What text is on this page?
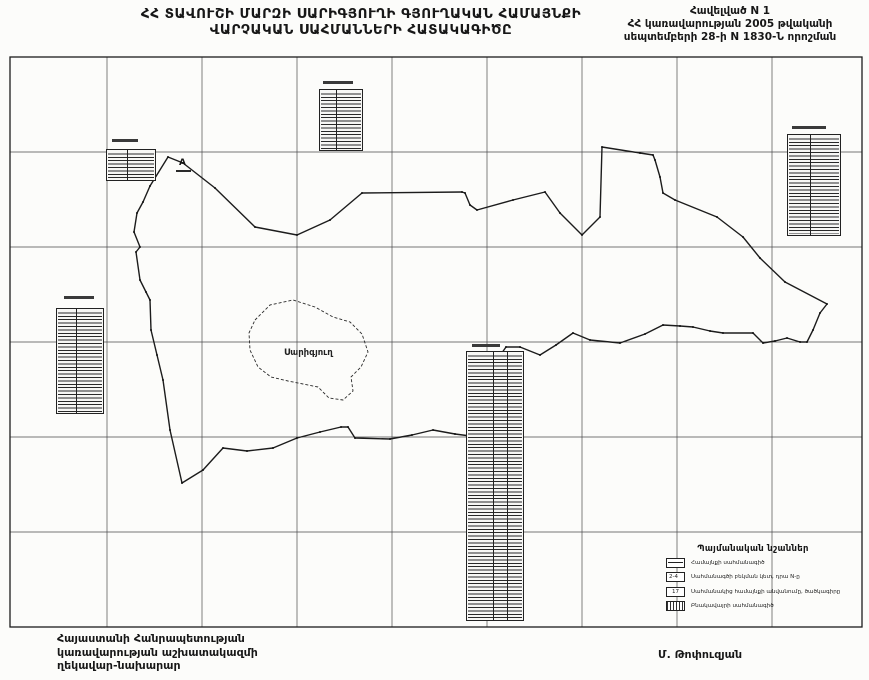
ՀՀ ՏԱՎՈՒՇԻ ՄԱՐԶԻ ՍԱՐԻԳՅՈՒՂԻ ԳՅՈՒՂԱԿԱՆ ՀԱՄԱՅՆՔԻ
ՎԱՐՉԱԿԱՆ ՍԱՀՄԱՆՆԵՐԻ ՀԱՏԱԿԱԳԻԾԸ
Հավելված N 1
ՀՀ կառավարության 2005 թվականի
սեպտեմբերի 28-ի N 1830-Ն որոշման
Սարիգյուղ
A
Պայմանական նշաններ
Համայնքի սահմանագիծ
2-4
Սահմանագծի բեկման կետ, դրա N-ը
17
Սահմանակից համայնքի անվանումը, ծածկագիրը
Բնակավայրի սահմանագիծ
Հայաստանի Հանրապետության
կառավարության աշխատակազմի
ղեկավար-նախարար
Մ. Թոփուզյան
